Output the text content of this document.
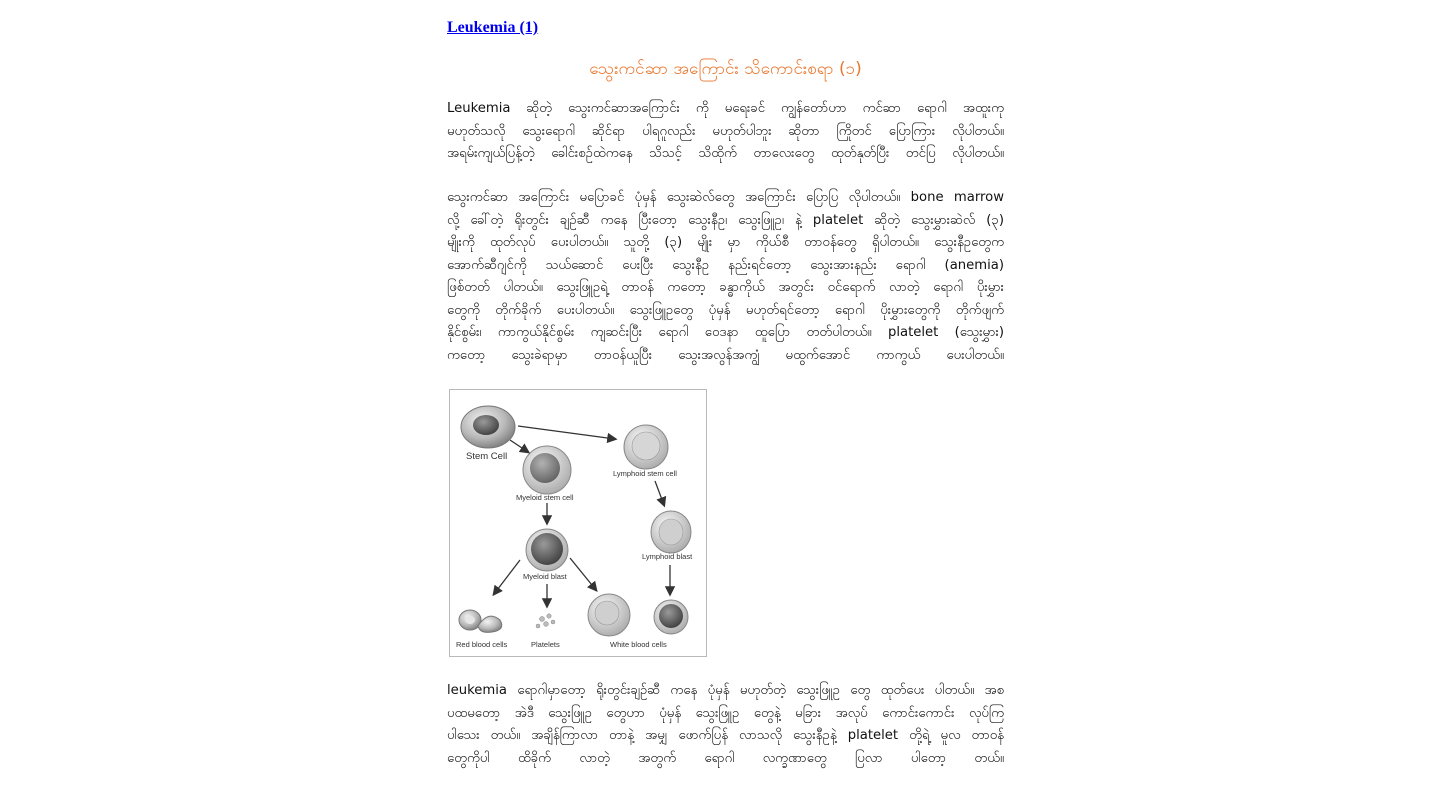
Leukemia (1)
သွေးကင်ဆာ အကြောင်း သိကောင်းစရာ (၁)

Leukemia ဆိုတဲ့ သွေးကင်ဆာအကြောင်း ကို မရေးခင် ကျွန်တော်ဟာ ကင်ဆာ ရောဂါ အထူးကု
မဟုတ်သလို သွေးရောဂါ ဆိုင်ရာ ပါရဂူလည်း မဟုတ်ပါဘူး ဆိုတာ ကြိုတင် ပြောကြား လိုပါတယ်။
အရမ်းကျယ်ပြန့်တဲ့ ခေါင်းစဉ်ထဲကနေ သိသင့် သိထိုက် တာလေးတွေ ထုတ်နုတ်ပြီး တင်ပြ လိုပါတယ်။

သွေးကင်ဆာ အကြောင်း မပြောခင် ပုံမှန် သွေးဆဲလ်တွေ အကြောင်း ပြောပြ လိုပါတယ်။ bone marrow
လို့ ခေါ်တဲ့ ရိုးတွင်း ချဉ်ဆီ ကနေ ပြီးတော့ သွေးနီဥ၊ သွေးဖြူဥ၊ နဲ့ platelet ဆိုတဲ့ သွေးမွှားဆဲလ် (၃)
မျိုးကို ထုတ်လုပ် ပေးပါတယ်။ သူတို့ (၃) မျိုး မှာ ကိုယ်စီ တာဝန်တွေ ရှိပါတယ်။ သွေးနီဥတွေက
အောက်ဆီဂျင်ကို သယ်ဆောင် ပေးပြီး သွေးနီဥ နည်းရင်တော့ သွေးအားနည်း ရောဂါ (anemia)
ဖြစ်တတ် ပါတယ်။ သွေးဖြူဥရဲ့ တာဝန် ကတော့ ခန္ဓာကိုယ် အတွင်း ဝင်ရောက် လာတဲ့ ရောဂါ ပိုးမွှား
တွေကို တိုက်ခိုက် ပေးပါတယ်။ သွေးဖြူဥတွေ ပုံမှန် မဟုတ်ရင်တော့ ရောဂါ ပိုးမွှားတွေကို တိုက်ဖျက်
နိုင်စွမ်း၊ ကာကွယ်နိုင်စွမ်း ကျဆင်းပြီး ရောဂါ ဝေဒနာ ထူပြော တတ်ပါတယ်။ platelet (သွေးမွှား)
ကတော့ သွေးခဲရာမှာ တာဝန်ယူပြီး သွေးအလွန်အကျွံ မထွက်အောင် ကာကွယ် ပေးပါတယ်။

Stem Cell
Lymphoid stem cell
Myeloid stem cell
Lymphoid blast
Myeloid blast
Red blood cells	Platelets	White blood cells

leukemia ရောဂါမှာတော့ ရိုးတွင်းချဉ်ဆီ ကနေ ပုံမှန် မဟုတ်တဲ့ သွေးဖြူဥ တွေ ထုတ်ပေး ပါတယ်။ အစ
ပထမတော့ အဲဒီ သွေးဖြူဥ တွေဟာ ပုံမှန် သွေးဖြူဥ တွေနဲ့ မခြား အလုပ် ကောင်းကောင်း လုပ်ကြ
ပါသေး တယ်။ အချိန်ကြာလာ တာနဲ့ အမျှ ဖောက်ပြန် လာသလို သွေးနီဥနဲ့ platelet တို့ရဲ့ မူလ တာဝန်
တွေကိုပါ ထိခိုက် လာတဲ့ အတွက် ရောဂါ လက္ခဏာတွေ ပြလာ ပါတော့ တယ်။
